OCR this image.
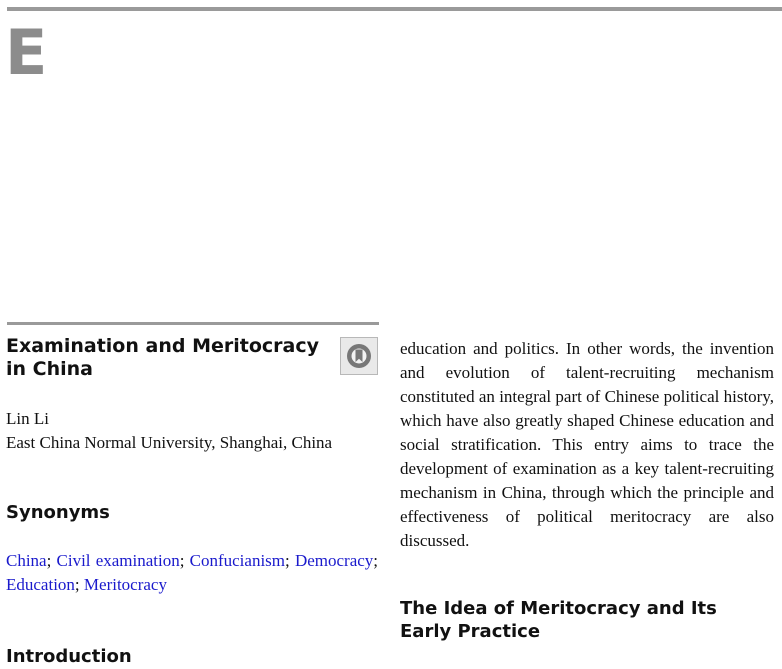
E
Examination and Meritocracy in China
Lin Li
East China Normal University, Shanghai, China
Synonyms
China; Civil examination; Confucianism; Democracy; Education; Meritocracy
Introduction

education and politics. In other words, the invention and evolution of talent-recruiting mechanism constituted an integral part of Chinese political history, which have also greatly shaped Chinese education and social stratification. This entry aims to trace the development of examination as a key talent-recruiting mechanism in China, through which the principle and effectiveness of political meritocracy are also discussed.

The Idea of Meritocracy and Its Early Practice
